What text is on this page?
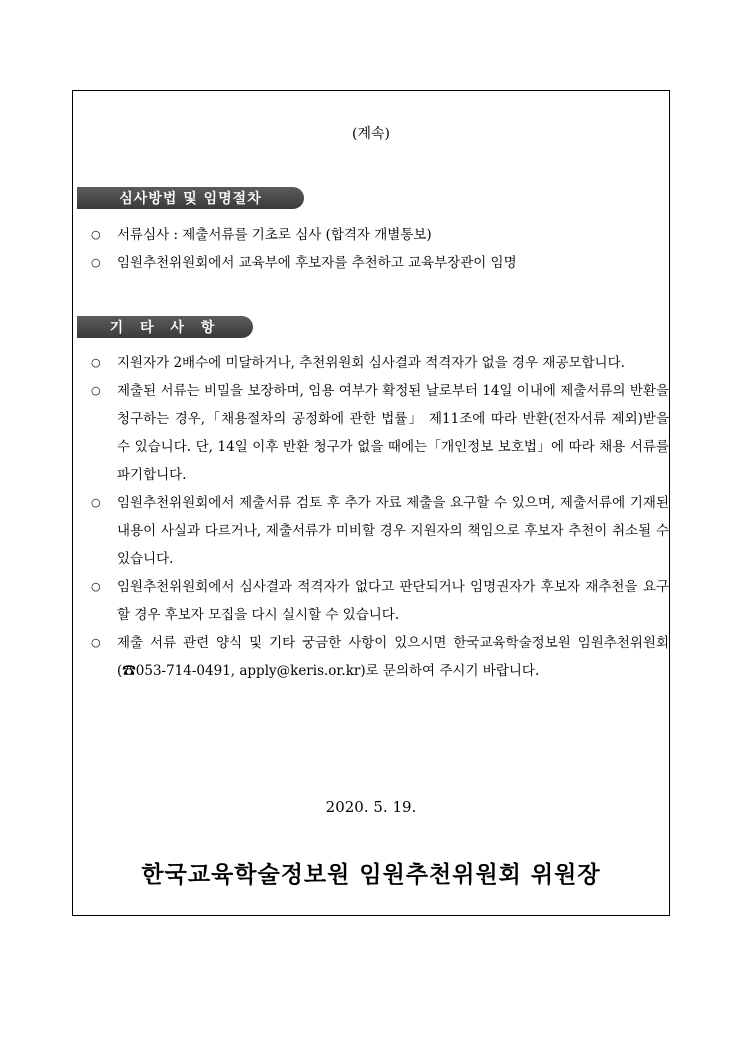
(계속)
심사방법 및 임명절차
○ 서류심사 : 제출서류를 기초로 심사 (합격자 개별통보)
○ 임원추천위원회에서 교육부에 후보자를 추천하고 교육부장관이 임명
기 타 사 항
○ 지원자가 2배수에 미달하거나, 추천위원회 심사결과 적격자가 없을 경우 재공모합니다.
○ 제출된 서류는 비밀을 보장하며, 임용 여부가 확정된 날로부터 14일 이내에 제출서류의 반환을 청구하는 경우,「채용절차의 공정화에 관한 법률」 제11조에 따라 반환(전자서류 제외)받을 수 있습니다. 단, 14일 이후 반환 청구가 없을 때에는「개인정보 보호법」에 따라 채용 서류를 파기합니다.
○ 임원추천위원회에서 제출서류 검토 후 추가 자료 제출을 요구할 수 있으며, 제출서류에 기재된 내용이 사실과 다르거나, 제출서류가 미비할 경우 지원자의 책임으로 후보자 추천이 취소될 수 있습니다.
○ 임원추천위원회에서 심사결과 적격자가 없다고 판단되거나 임명권자가 후보자 재추천을 요구할 경우 후보자 모집을 다시 실시할 수 있습니다.
○ 제출 서류 관련 양식 및 기타 궁금한 사항이 있으시면 한국교육학술정보원 임원추천위원회(☎053-714-0491, apply@keris.or.kr)로 문의하여 주시기 바랍니다.
2020. 5. 19.
한국교육학술정보원 임원추천위원회 위원장
